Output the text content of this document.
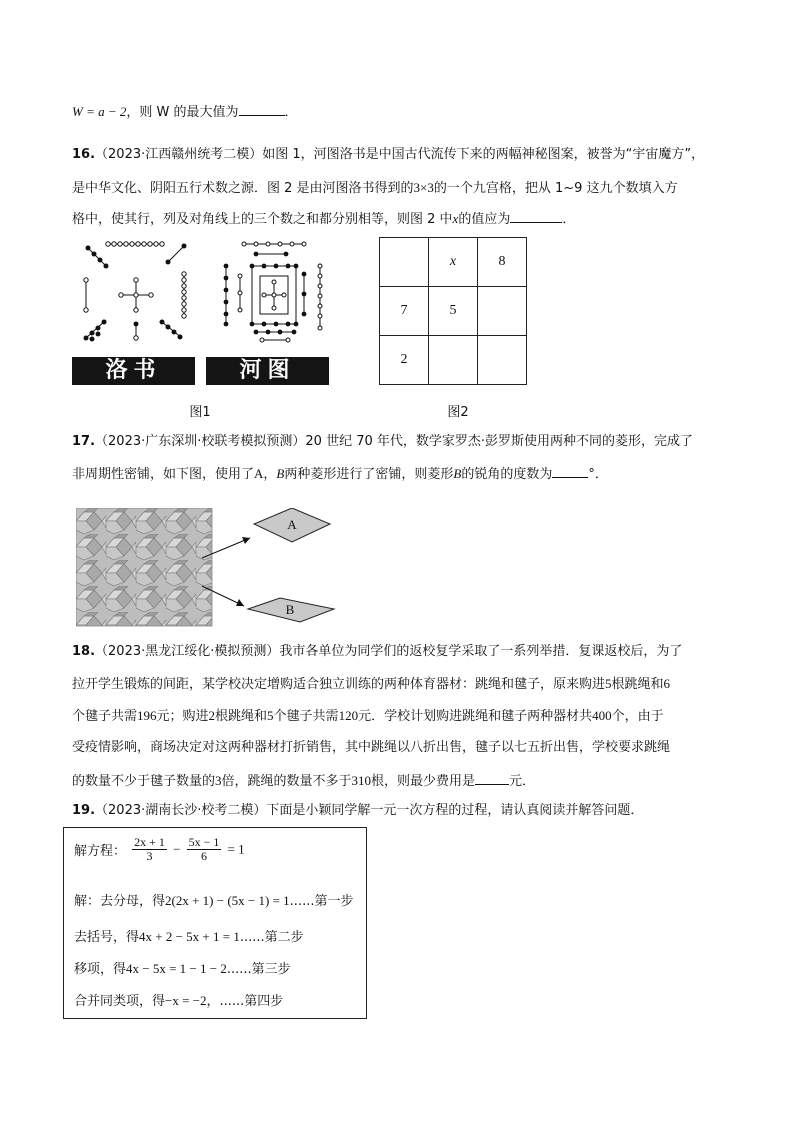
W = a − 2，则 W 的最大值为	．
16.（2023·江西赣州统考二模）如图 1，河图洛书是中国古代流传下来的两幅神秘图案，被誉为“宇宙魔方”，
是中华文化、阴阳五行术数之源．图 2 是由河图洛书得到的3×3的一个九宫格，把从 1~9 这九个数填入方
格中，使其行，列及对角线上的三个数之和都分别相等，则图 2 中x的值应为	．
洛书	河图
图1
	x	8
7	5	
2		
图2
17.（2023·广东深圳·校联考模拟预测）20 世纪 70 年代，数学家罗杰·彭罗斯使用两种不同的菱形，完成了
非周期性密铺，如下图，使用了A，B两种菱形进行了密铺，则菱形B的锐角的度数为	°．
A
B
18.（2023·黑龙江绥化·模拟预测）我市各单位为同学们的返校复学采取了一系列举措．复课返校后，为了
拉开学生锻炼的间距，某学校决定增购适合独立训练的两种体育器材：跳绳和毽子，原来购进5根跳绳和6
个毽子共需196元；购进2根跳绳和5个毽子共需120元．学校计划购进跳绳和毽子两种器材共400个，由于
受疫情影响，商场决定对这两种器材打折销售，其中跳绳以八折出售，毽子以七五折出售，学校要求跳绳
的数量不少于毽子数量的3倍，跳绳的数量不多于310根，则最少费用是	元．
19.（2023·湖南长沙·校考二模）下面是小颖同学解一元一次方程的过程，请认真阅读并解答问题．
解方程： $\frac{2x + 1}{3} - \frac{5x - 1}{6} = 1$
解：去分母，得2(2x + 1) − (5x − 1) = 1......第一步
去括号，得4x + 2 − 5x + 1 = 1......第二步
移项，得4x − 5x = 1 − 1 − 2......第三步
合并同类项，得−x = −2，......第四步
